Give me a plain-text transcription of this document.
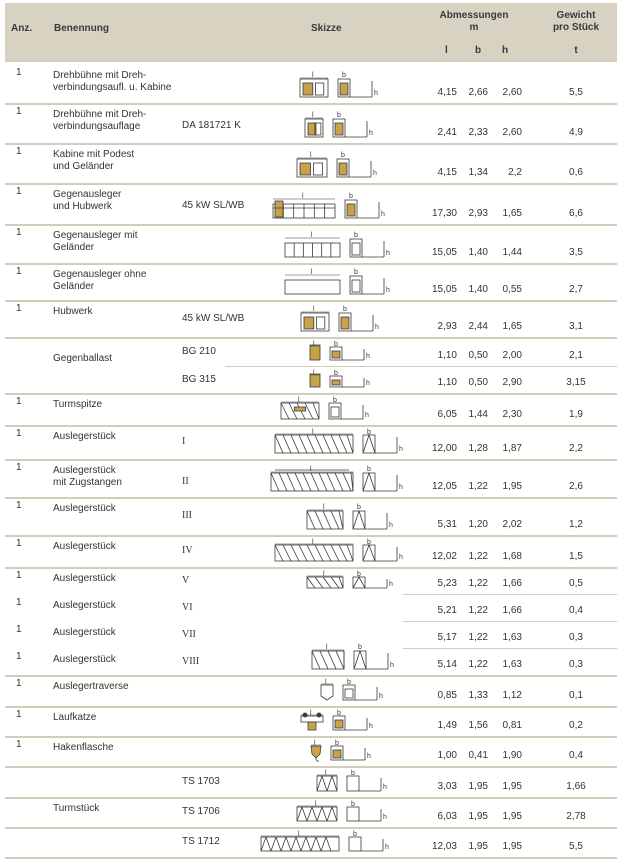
Anz. Benennung	Skizze
Abmessungen
m
l	b h
Gewicht
pro Stück
t
1	Drehbühne mit Dreh-
verbindungsaufl. u. Kabine	4,15	2,66	2,60	5,5
l	b
h
1	Drehbühne mit Dreh-
verbindungsauflage	DA 181721 K
2,41	2,33	2,60	4,9
l	b
h
1	Kabine mit Podest
und Geländer
4,15	1,34	2,2	0,6
l	b
h
1	Gegenausleger
und Hubwerk	45 kW SL/WB
17,30	2,93	1,65	6,6
l	b
h
1	Gegenausleger mit
Geländer	15,05	1,40	1,44	3,5
l	b
h
1	Gegenausleger ohne
Geländer	15,05	1,40	0,55	2,7
l	b
h
1	Hubwerk
45 kW SL/WB
2,93	2,44	1,65	3,1
l	b
h
Gegenballast
BG 210	1,10	0,50	2,00	2,1
l	b
h
BG 315	1,10	0,50	2,90	3,15
l	b
h
1	Turmspitze
6,05	1,44	2,30	1,9
l	b
h
1	Auslegerstück	I
12,00	1,28	1,87	2,2
l	b
h
1	Auslegerstück
mit Zugstangen	II	12,05	1,22	1,95	2,6
l	b
h
1	Auslegerstück
III
5,31	1,20	2,02	1,2
l	b
h
1	Auslegerstück	IV
12,02	1,22	1,68	1,5
l	b
h
1	Auslegerstück	V	5,23	1,22	1,66	0,5
l	b
h
1	Auslegerstück	VI	5,21	1,22	1,66	0,4
1	Auslegerstück	VII	5,17	1,22	1,63	0,3
1	Auslegerstück	VIII	5,14	1,22	1,63	0,3
1	Auslegertraverse
0,85	1,33	1,12	0,1
l	b
h
1	Laufkatze
1,49	1,56	0,81	0,2
l	b
h
1	Hakenflasche
1,00	0,41	1,90	0,4
l	b
h
TS 1703	3,03	1,95	1,95	1,66
l	b
h
Turmstück	TS 1706	6,03	1,95	1,95	2,78
l	b
h
TS 1712	12,03	1,95	1,95	5,5
l	b
h
l	b
h
